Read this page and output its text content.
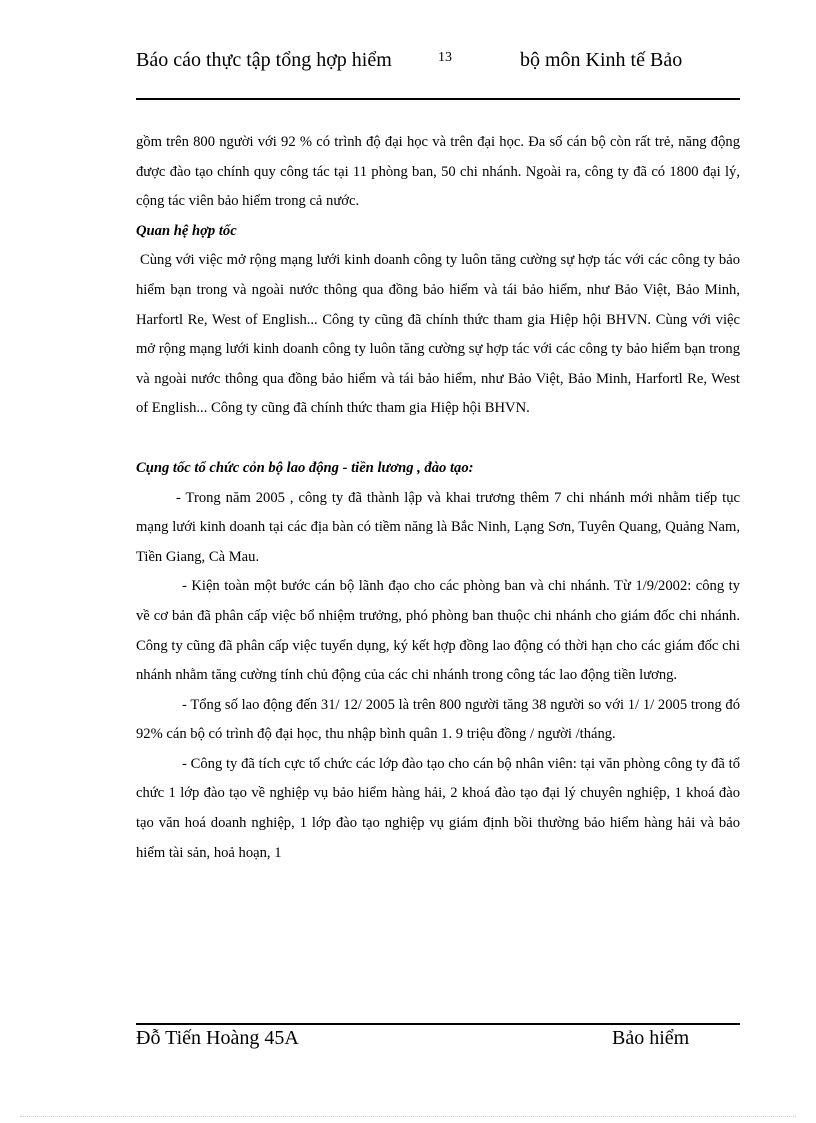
Báo cáo thực tập tổng hợp hiểm	13	bộ môn Kinh tế Bảo

gồm trên 800 người với 92 % có trình độ đại học và trên đại học. Đa số cán bộ còn rất trẻ, năng động được đào tạo chính quy công tác tại 11 phòng ban, 50 chi nhánh. Ngoài ra, công ty đã có 1800 đại lý, cộng tác viên bảo hiểm trong cả nước.

Quan hệ hợp tốc

Cùng với việc mở rộng mạng lưới kinh doanh công ty luôn tăng cường sự hợp tác với các công ty bảo hiểm bạn trong và ngoài nước thông qua đồng bảo hiểm và tái bảo hiểm, như Bảo Việt, Bảo Minh, Harfortl Re, West of English... Công ty cũng đã chính thức tham gia Hiệp hội BHVN. Cùng với việc mở rộng mạng lưới kinh doanh công ty luôn tăng cường sự hợp tác với các công ty bảo hiểm bạn trong và ngoài nước thông qua đồng bảo hiểm và tái bảo hiểm, như Bảo Việt, Bảo Minh, Harfortl Re, West of English... Công ty cũng đã chính thức tham gia Hiệp hội BHVN.

Cụng tốc tổ chức cỏn bộ lao động - tiền lương , đào tạo:

- Trong năm 2005 , công ty đã thành lập và khai trương thêm 7 chi nhánh mới nhằm tiếp tục mạng lưới kinh doanh tại các địa bàn có tiềm năng là Bắc Ninh, Lạng Sơn, Tuyên Quang, Quảng Nam, Tiền Giang, Cà Mau.

- Kiện toàn một bước cán bộ lãnh đạo cho các phòng ban và chi nhánh. Từ 1/9/2002: công ty về cơ bản đã phân cấp việc bổ nhiệm trưởng, phó phòng ban thuộc chi nhánh cho giám đốc chi nhánh. Công ty cũng đã phân cấp việc tuyển dụng, ký kết hợp đồng lao động có thời hạn cho các giám đốc chi nhánh nhằm tăng cường tính chủ động của các chi nhánh trong công tác lao động tiền lương.

- Tổng số lao động đến 31/ 12/ 2005 là trên 800 người tăng 38 người so với 1/ 1/ 2005 trong đó 92% cán bộ có trình độ đại học, thu nhập bình quân 1. 9 triệu đồng / người /tháng.

- Công ty đã tích cực tổ chức các lớp đào tạo cho cán bộ nhân viên: tại văn phòng công ty đã tổ chức 1 lớp đào tạo về nghiệp vụ bảo hiểm hàng hải, 2 khoá đào tạo đại lý chuyên nghiệp, 1 khoá đào tạo văn hoá doanh nghiệp, 1 lớp đào tạo nghiệp vụ giám định bồi thường bảo hiểm hàng hải và bảo hiểm tài sản, hoả hoạn, 1

Đỗ Tiến Hoàng 45A	Bảo hiểm
